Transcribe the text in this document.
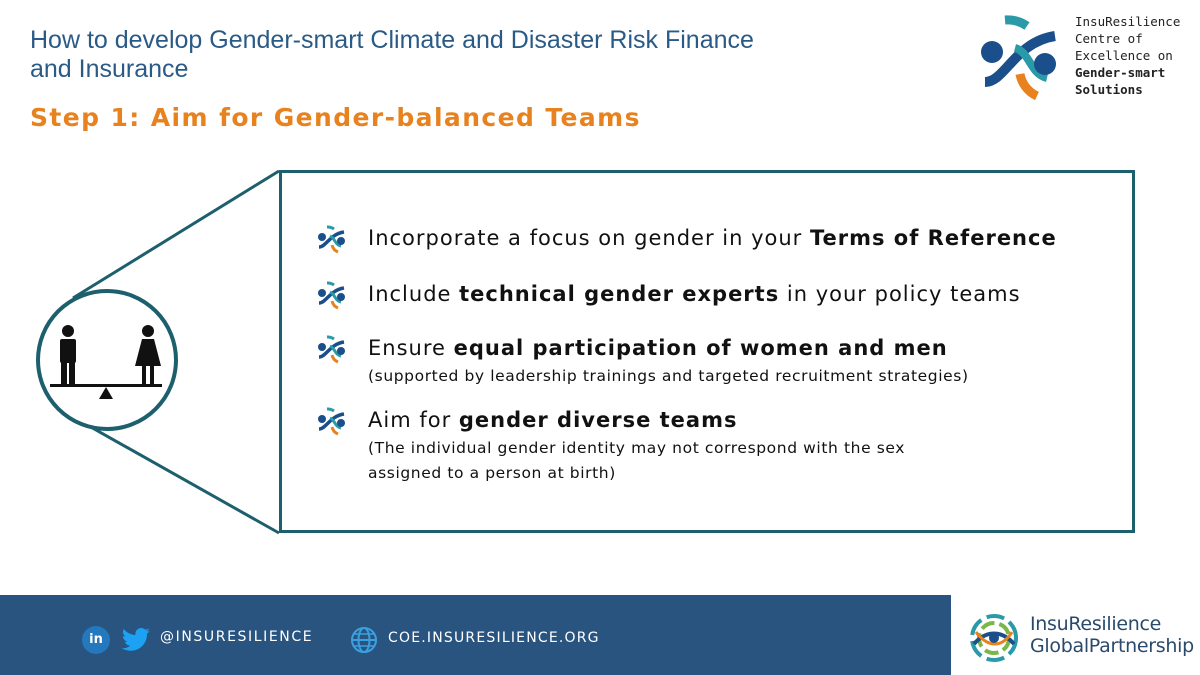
How to develop Gender-smart Climate and Disaster Risk Finance and Insurance
Step 1: Aim for Gender-balanced Teams
InsuResilience
Centre of
Excellence on
Gender-smart
Solutions
Incorporate a focus on gender in your Terms of Reference
Include technical gender experts in your policy teams
Ensure equal participation of women and men
(supported by leadership trainings and targeted recruitment strategies)
Aim for gender diverse teams
(The individual gender identity may not correspond with the sex assigned to a person at birth)
in	@INSURESILIENCE	COE.INSURESILIENCE.ORG
InsuResilience
GlobalPartnership
